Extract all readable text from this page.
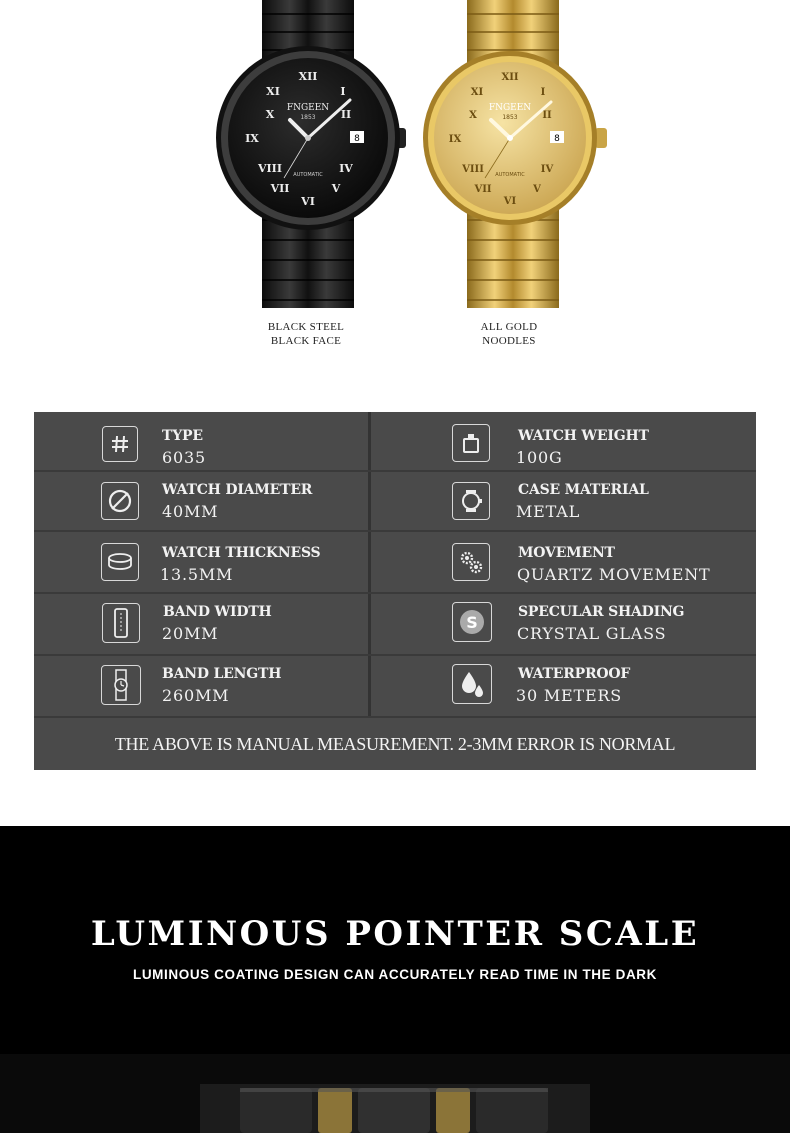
XII
VI
IX
XI	I
X
IV
II
VIII
VII	V
8
FNGEEN
1853
AUTOMATIC
BLACK STEEL
BLACK FACE
XII
VI
IX
XI	I
X
IV
II
VIII
VII	V
8
FNGEEN
1853
AUTOMATIC
ALL GOLD
NOODLES
TYPE
6035
WATCH WEIGHT
100G
WATCH DIAMETER
40MM
CASE MATERIAL
METAL
WATCH THICKNESS
13.5MM
MOVEMENT
QUARTZ MOVEMENT
BAND WIDTH
20MM
S
SPECULAR SHADING
CRYSTAL GLASS
BAND LENGTH
260MM
WATERPROOF
30 METERS
THE ABOVE IS MANUAL MEASUREMENT. 2-3MM ERROR IS NORMAL
LUMINOUS POINTER SCALE
LUMINOUS COATING DESIGN CAN ACCURATELY READ TIME IN THE DARK
